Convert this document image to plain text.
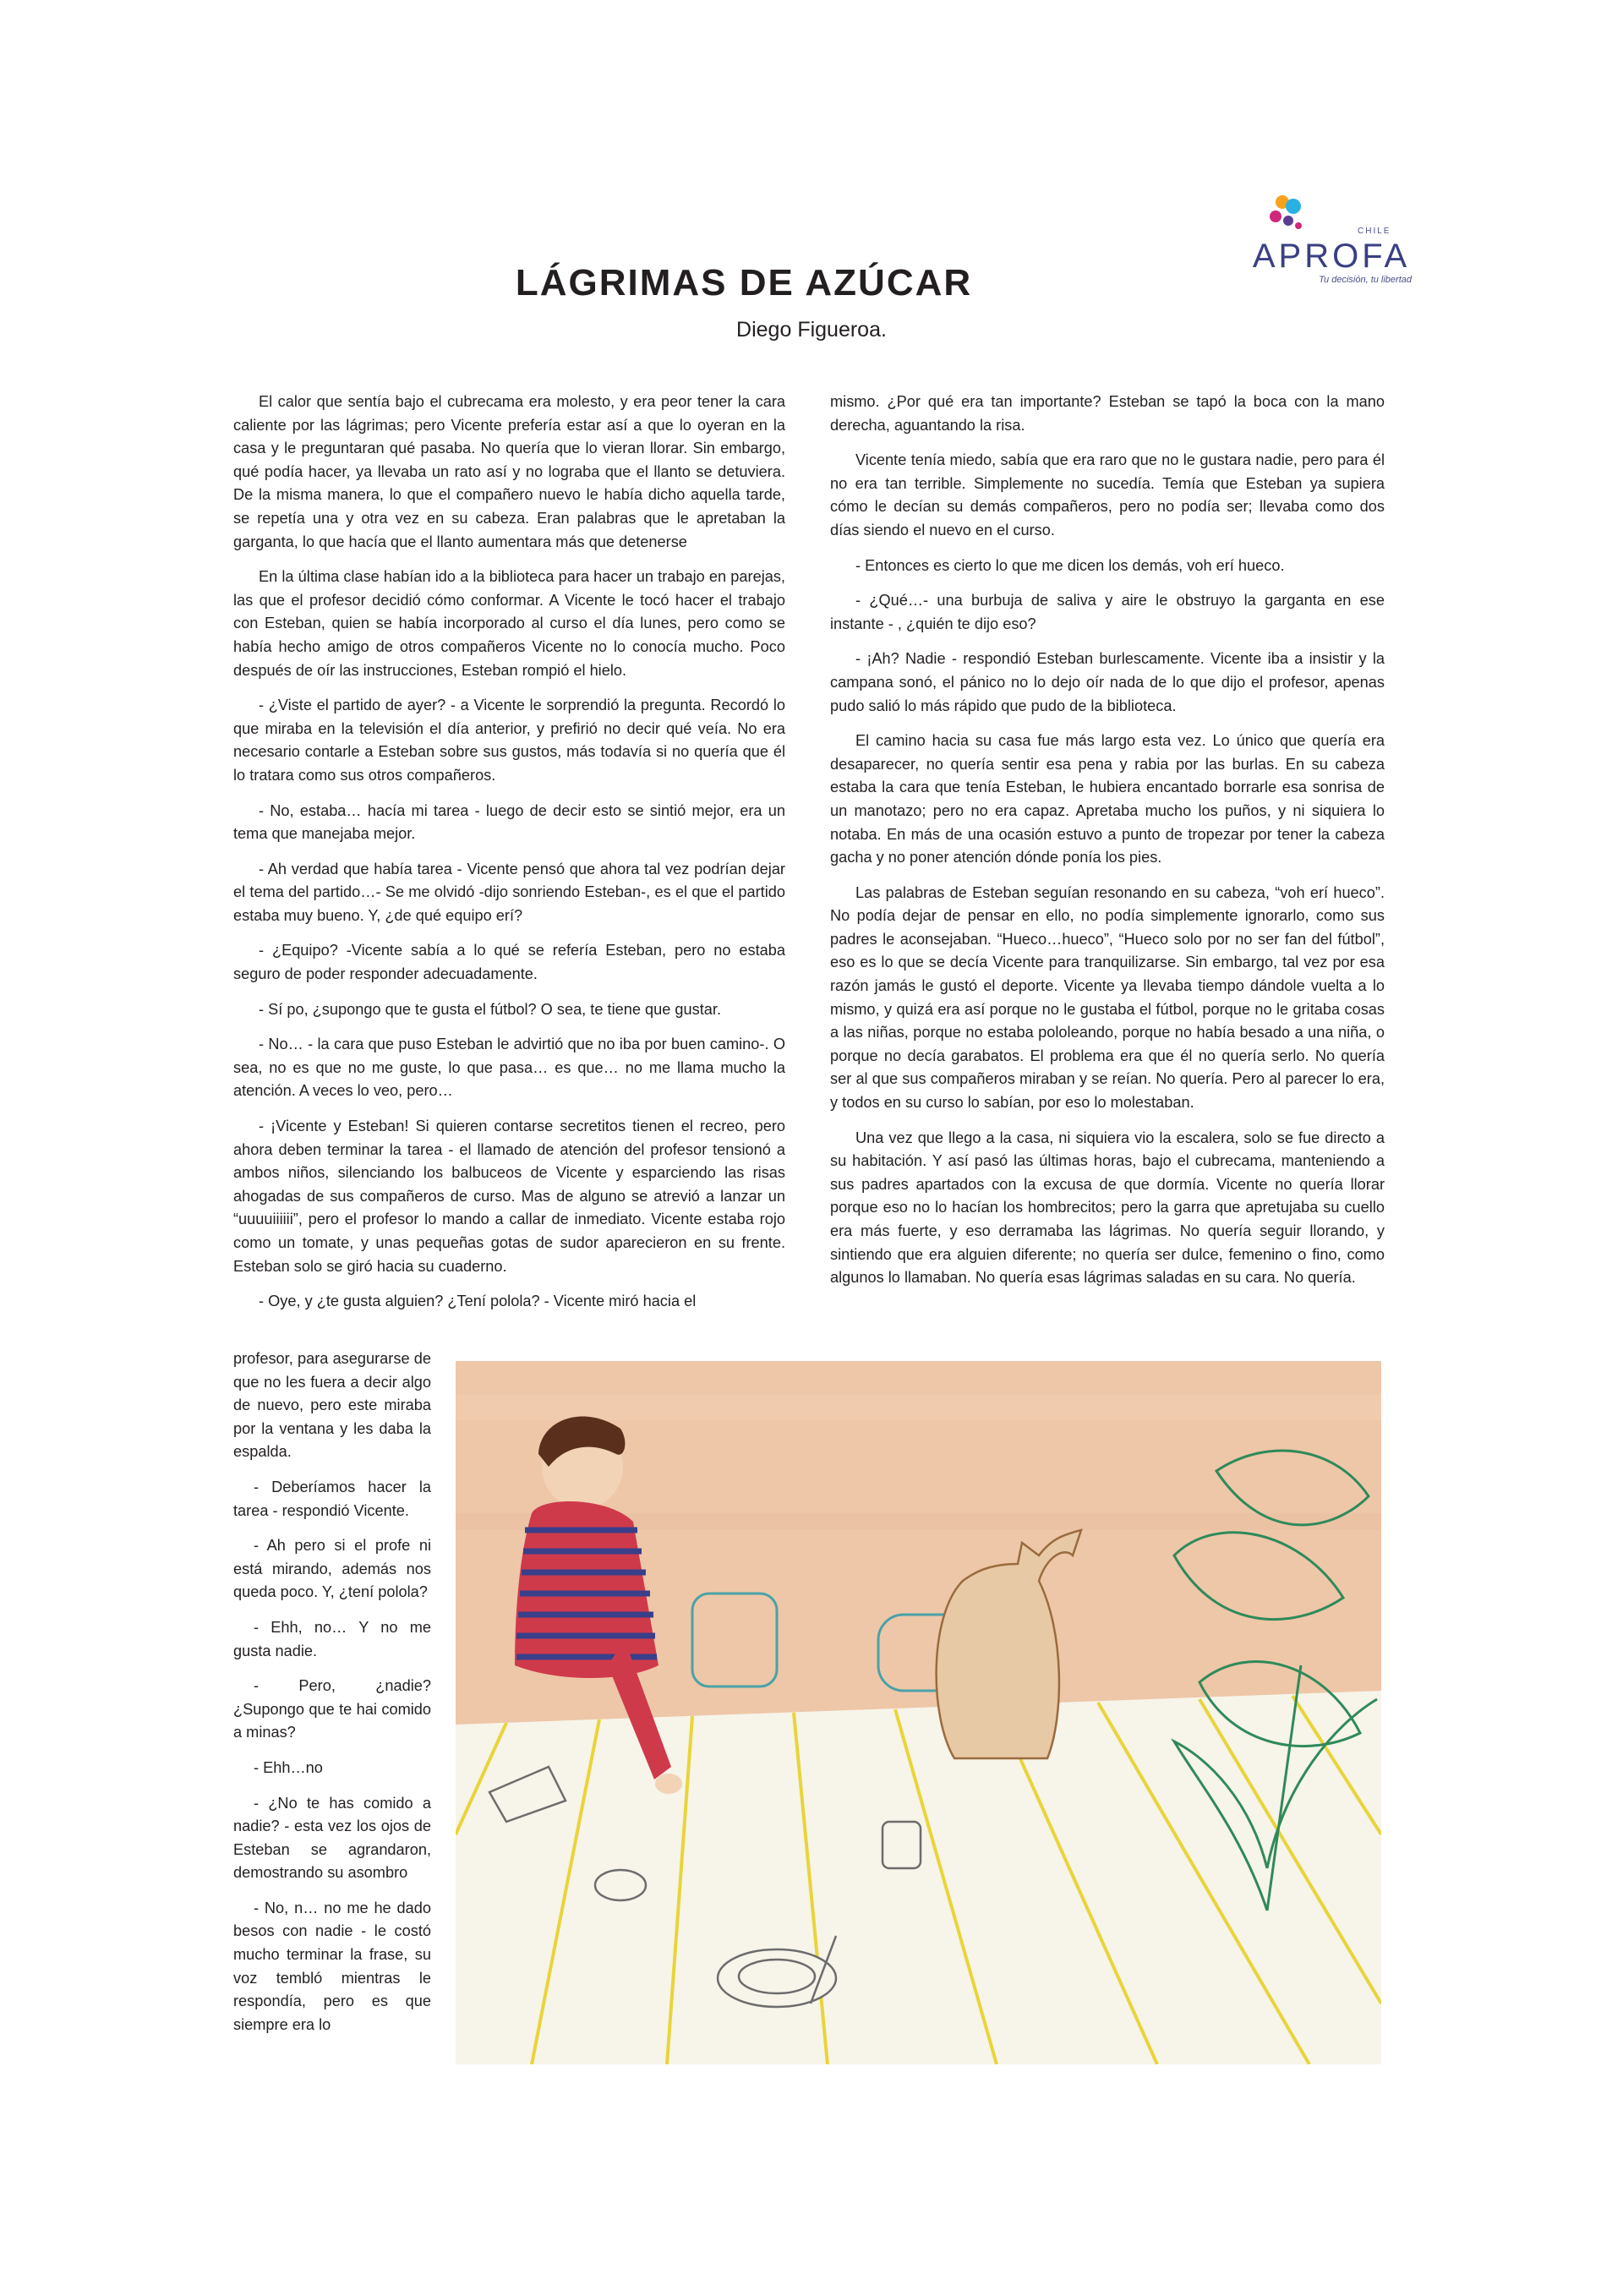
CHILE
APROFA
Tu decisión, tu libertad
LÁGRIMAS DE AZÚCAR
Diego Figueroa.

El calor que sentía bajo el cubrecama era molesto, y era peor tener la cara caliente por las lágrimas; pero Vicente prefería estar así a que lo oyeran en la casa y le preguntaran qué pasaba. No quería que lo vieran llorar. Sin embargo, qué podía hacer, ya llevaba un rato así y no lograba que el llanto se detuviera. De la misma manera, lo que el compañero nuevo le había dicho aquella tarde, se repetía una y otra vez en su cabeza. Eran palabras que le apretaban la garganta, lo que hacía que el llanto aumentara más que detenerse

En la última clase habían ido a la biblioteca para hacer un trabajo en parejas, las que el profesor decidió cómo conformar. A Vicente le tocó hacer el trabajo con Esteban, quien se había incorporado al curso el día lunes, pero como se había hecho amigo de otros compañeros Vicente no lo conocía mucho. Poco después de oír las instrucciones, Esteban rompió el hielo.

- ¿Viste el partido de ayer? - a Vicente le sorprendió la pregunta. Recordó lo que miraba en la televisión el día anterior, y prefirió no decir qué veía. No era necesario contarle a Esteban sobre sus gustos, más todavía si no quería que él lo tratara como sus otros compañeros.

- No, estaba… hacía mi tarea - luego de decir esto se sintió mejor, era un tema que manejaba mejor.

- Ah verdad que había tarea - Vicente pensó que ahora tal vez podrían dejar el tema del partido…- Se me olvidó -dijo sonriendo Esteban-, es el que el partido estaba muy bueno. Y, ¿de qué equipo erí?

- ¿Equipo? -Vicente sabía a lo qué se refería Esteban, pero no estaba seguro de poder responder adecuadamente.

- Sí po, ¿supongo que te gusta el fútbol? O sea, te tiene que gustar.

- No… - la cara que puso Esteban le advirtió que no iba por buen camino-. O sea, no es que no me guste, lo que pasa… es que… no me llama mucho la atención. A veces lo veo, pero…

- ¡Vicente y Esteban! Si quieren contarse secretitos tienen el recreo, pero ahora deben terminar la tarea - el llamado de atención del profesor tensionó a ambos niños, silenciando los balbuceos de Vicente y esparciendo las risas ahogadas de sus compañeros de curso. Mas de alguno se atrevió a lanzar un “uuuuiiiiii”, pero el profesor lo mando a callar de inmediato. Vicente estaba rojo como un tomate, y unas pequeñas gotas de sudor aparecieron en su frente. Esteban solo se giró hacia su cuaderno.

- Oye, y ¿te gusta alguien? ¿Tení polola? - Vicente miró hacia el

profesor, para asegurarse de que no les fuera a decir algo de nuevo, pero este miraba por la ventana y les daba la espalda.

- Deberíamos hacer la tarea - respondió Vicente.

- Ah pero si el profe ni está mirando, además nos queda poco. Y, ¿tení polola?

- Ehh, no… Y no me gusta nadie.

- Pero, ¿nadie? ¿Supongo que te hai comido a minas?

- Ehh…no

- ¿No te has comido a nadie? - esta vez los ojos de Esteban se agrandaron, demostrando su asombro

- No, n… no me he dado besos con nadie - le costó mucho terminar la frase, su voz tembló mientras le respondía, pero es que siempre era lo

mismo. ¿Por qué era tan importante? Esteban se tapó la boca con la mano derecha, aguantando la risa.

Vicente tenía miedo, sabía que era raro que no le gustara nadie, pero para él no era tan terrible. Simplemente no sucedía. Temía que Esteban ya supiera cómo le decían su demás compañeros, pero no podía ser; llevaba como dos días siendo el nuevo en el curso.

- Entonces es cierto lo que me dicen los demás, voh erí hueco.

- ¿Qué…- una burbuja de saliva y aire le obstruyo la garganta en ese instante - , ¿quién te dijo eso?

- ¡Ah? Nadie - respondió Esteban burlescamente. Vicente iba a insistir y la campana sonó, el pánico no lo dejo oír nada de lo que dijo el profesor, apenas pudo salió lo más rápido que pudo de la biblioteca.

El camino hacia su casa fue más largo esta vez. Lo único que quería era desaparecer, no quería sentir esa pena y rabia por las burlas. En su cabeza estaba la cara que tenía Esteban, le hubiera encantado borrarle esa sonrisa de un manotazo; pero no era capaz. Apretaba mucho los puños, y ni siquiera lo notaba. En más de una ocasión estuvo a punto de tropezar por tener la cabeza gacha y no poner atención dónde ponía los pies.

Las palabras de Esteban seguían resonando en su cabeza, “voh erí hueco”. No podía dejar de pensar en ello, no podía simplemente ignorarlo, como sus padres le aconsejaban. “Hueco…hueco”, “Hueco solo por no ser fan del fútbol”, eso es lo que se decía Vicente para tranquilizarse. Sin embargo, tal vez por esa razón jamás le gustó el deporte. Vicente ya llevaba tiempo dándole vuelta a lo mismo, y quizá era así porque no le gustaba el fútbol, porque no le gritaba cosas a las niñas, porque no estaba pololeando, porque no había besado a una niña, o porque no decía garabatos. El problema era que él no quería serlo. No quería ser al que sus compañeros miraban y se reían. No quería. Pero al parecer lo era, y todos en su curso lo sabían, por eso lo molestaban.

Una vez que llego a la casa, ni siquiera vio la escalera, solo se fue directo a su habitación. Y así pasó las últimas horas, bajo el cubrecama, manteniendo a sus padres apartados con la excusa de que dormía. Vicente no quería llorar porque eso no lo hacían los hombrecitos; pero la garra que apretujaba su cuello era más fuerte, y eso derramaba las lágrimas. No quería seguir llorando, y sintiendo que era alguien diferente; no quería ser dulce, femenino o fino, como algunos lo llamaban. No quería esas lágrimas saladas en su cara. No quería.
